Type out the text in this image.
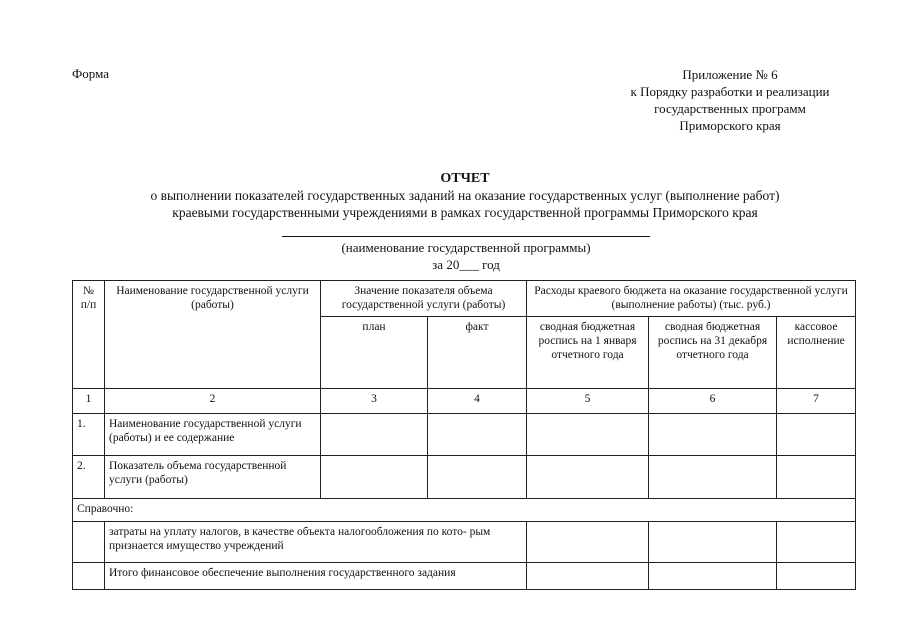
Форма	Приложение № 6
к Порядку разработки и реализации
государственных программ
Приморского края
ОТЧЕТ
о выполнении показателей государственных заданий на оказание государственных услуг (выполнение работ)
краевыми государственными учреждениями в рамках государственной программы Приморского края
(наименование государственной программы)
за 20___ год
№ п/п	Наименование государственной услуги (работы)	Значение показателя объема государственной услуги (работы)		Расходы краевого бюджета на оказание государственной услуги (выполнение работы) (тыс. руб.)		
		план	факт	сводная бюджетная роспись на 1 января отчетного года	сводная бюджетная роспись на 31 декабря отчетного года	кассовое исполнение
1	2	3	4	5	6	7
1.	Наименование государственной услуги (работы) и ее содержание					
2.	Показатель объема государственной услуги (работы)					
Справочно:						
	затраты на уплату налогов, в качестве объекта налогообложения по кото- рым признается имущество учреждений					
	Итого финансовое обеспечение выполнения государственного задания					
